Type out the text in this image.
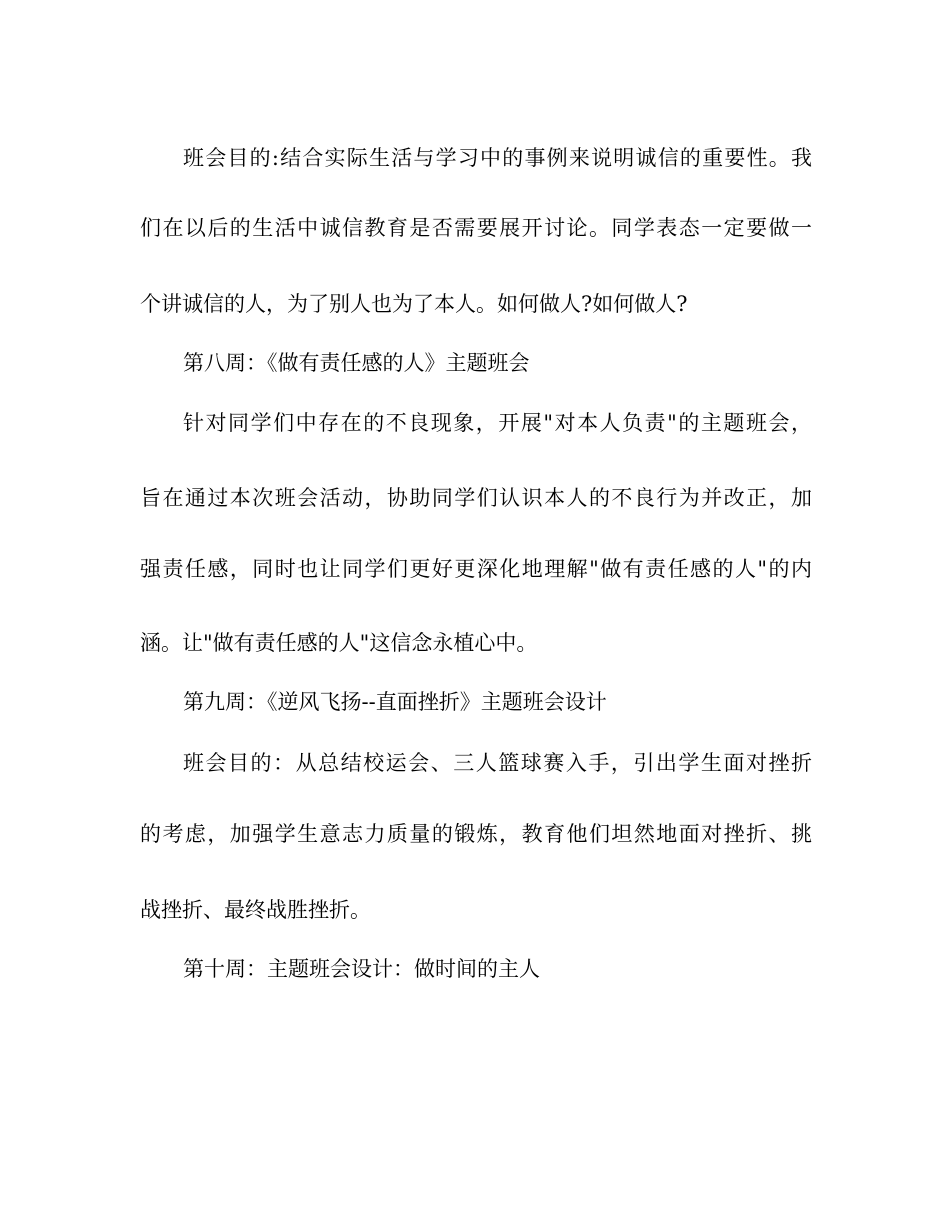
班会目的:结合实际生活与学习中的事例来说明诚信的重要性。我

们在以后的生活中诚信教育是否需要展开讨论。同学表态一定要做一

个讲诚信的人，为了别人也为了本人。如何做人?如何做人?

第八周：《做有责任感的人》主题班会

针对同学们中存在的不良现象，开展"对本人负责"的主题班会，

旨在通过本次班会活动，协助同学们认识本人的不良行为并改正，加

强责任感，同时也让同学们更好更深化地理解"做有责任感的人"的内

涵。让"做有责任感的人"这信念永植心中。

第九周：《逆风飞扬--直面挫折》主题班会设计

班会目的：从总结校运会、三人篮球赛入手，引出学生面对挫折

的考虑，加强学生意志力质量的锻炼，教育他们坦然地面对挫折、挑

战挫折、最终战胜挫折。

第十周：主题班会设计：做时间的主人
